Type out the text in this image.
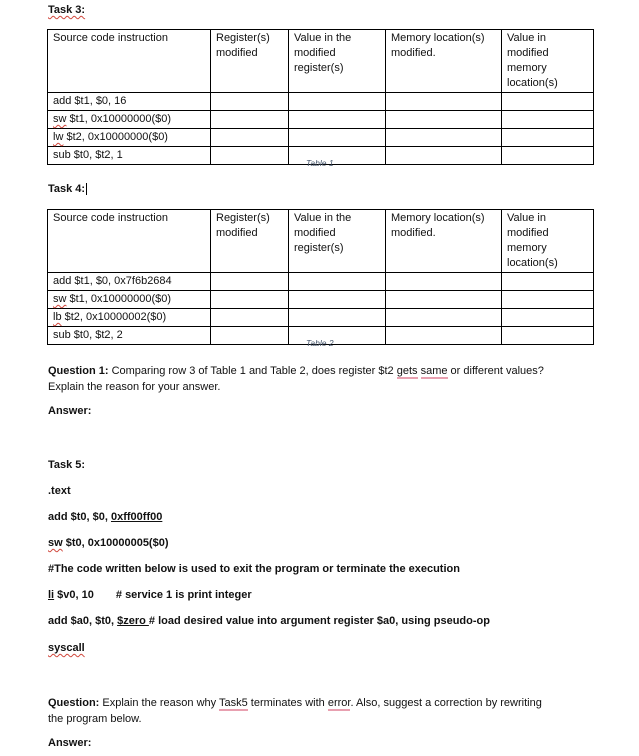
Task 3:
Source code instruction	Register(s) modified	Value in the modified register(s)	Memory location(s) modified.	Value in modified memory location(s)
add $t1, $0, 16				
sw $t1, 0x10000000($0)				
lw $t2, 0x10000000($0)				
sub $t0, $t2, 1				
Table 1
Task 4:
Source code instruction	Register(s) modified	Value in the modified register(s)	Memory location(s) modified.	Value in modified memory location(s)
add $t1, $0, 0x7f6b2684				
sw $t1, 0x10000000($0)				
lb $t2, 0x10000002($0)				
sub $t0, $t2, 2				
Table 2
Question 1: Comparing row 3 of Table 1 and Table 2, does register $t2 gets same or different values?
Explain the reason for your answer.
Answer:
Task 5:
.text
add $t0, $0, 0xff00ff00
sw $t0, 0x10000005($0)
#The code written below is used to exit the program or terminate the execution
li $v0, 10 # service 1 is print integer
add $a0, $t0, $zero # load desired value into argument register $a0, using pseudo-op
syscall
Question: Explain the reason why Task5 terminates with error. Also, suggest a correction by rewriting
the program below.
Answer:
